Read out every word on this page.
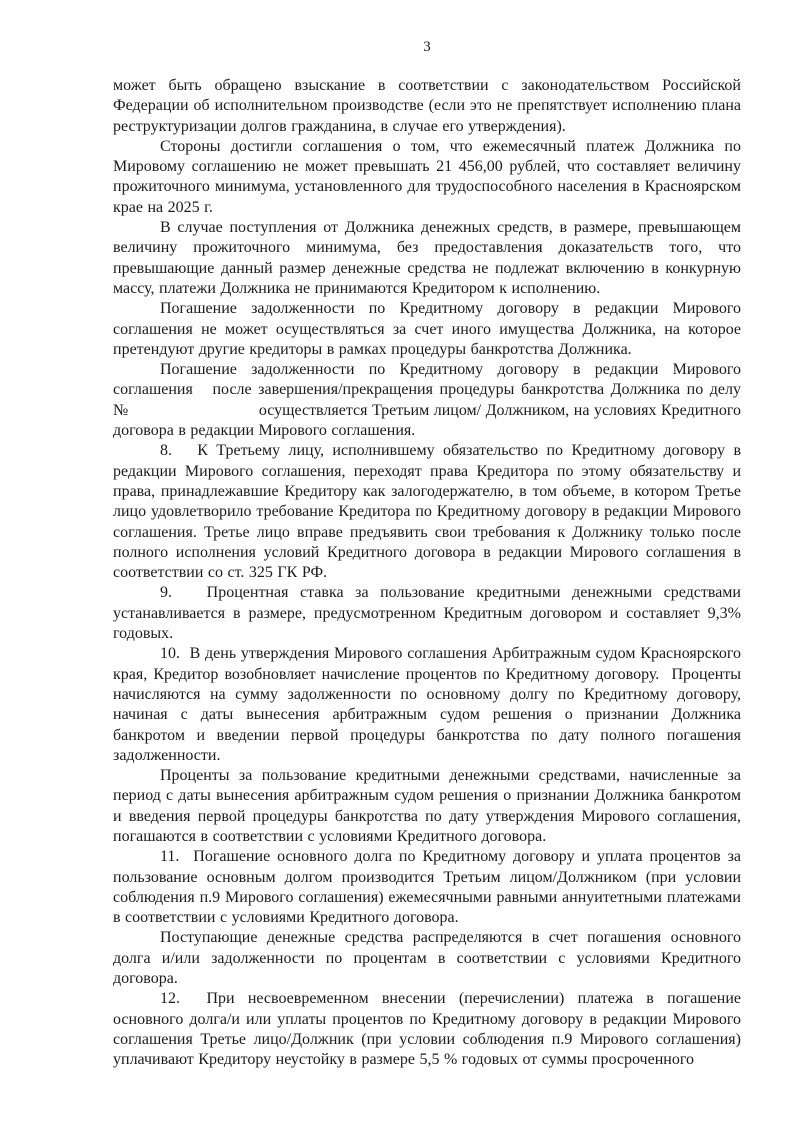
3

может быть обращено взыскание в соответствии с законодательством Российской Федерации об исполнительном производстве (если это не препятствует исполнению плана реструктуризации долгов гражданина, в случае его утверждения).

Стороны достигли соглашения о том, что ежемесячный платеж Должника по Мировому соглашению не может превышать 21 456,00 рублей, что составляет величину прожиточного минимума, установленного для трудоспособного населения в Красноярском крае на 2025 г.

В случае поступления от Должника денежных средств, в размере, превышающем величину прожиточного минимума, без предоставления доказательств того, что превышающие данный размер денежные средства не подлежат включению в конкурную массу, платежи Должника не принимаются Кредитором к исполнению.

Погашение задолженности по Кредитному договору в редакции Мирового соглашения не может осуществляться за счет иного имущества Должника, на которое претендуют другие кредиторы в рамках процедуры банкротства Должника.

Погашение задолженности по Кредитному договору в редакции Мирового соглашения   после завершения/прекращения процедуры банкротства Должника по делу №                             осуществляется Третьим лицом/ Должником, на условиях Кредитного договора в редакции Мирового соглашения.

8.   К Третьему лицу, исполнившему обязательство по Кредитному договору в редакции Мирового соглашения, переходят права Кредитора по этому обязательству и права, принадлежавшие Кредитору как залогодержателю, в том объеме, в котором Третье лицо удовлетворило требование Кредитора по Кредитному договору в редакции Мирового соглашения. Третье лицо вправе предъявить свои требования к Должнику только после полного исполнения условий Кредитного договора в редакции Мирового соглашения в соответствии со ст. 325 ГК РФ.

9.   Процентная ставка за пользование кредитными денежными средствами устанавливается в размере, предусмотренном Кредитным договором и составляет 9,3% годовых.

10.  В день утверждения Мирового соглашения Арбитражным судом Красноярского края, Кредитор возобновляет начисление процентов по Кредитному договору.  Проценты начисляются на сумму задолженности по основному долгу по Кредитному договору, начиная с даты вынесения арбитражным судом решения о признании Должника банкротом и введении первой процедуры банкротства по дату полного погашения задолженности.

Проценты за пользование кредитными денежными средствами, начисленные за период с даты вынесения арбитражным судом решения о признании Должника банкротом и введения первой процедуры банкротства по дату утверждения Мирового соглашения, погашаются в соответствии с условиями Кредитного договора.

11.  Погашение основного долга по Кредитному договору и уплата процентов за пользование основным долгом производится Третьим лицом/Должником (при условии соблюдения п.9 Мирового соглашения) ежемесячными равными аннуитетными платежами в соответствии с условиями Кредитного договора.

Поступающие денежные средства распределяются в счет погашения основного долга и/или задолженности по процентам в соответствии с условиями Кредитного договора.

12.  При несвоевременном внесении (перечислении) платежа в погашение основного долга/и или уплаты процентов по Кредитному договору в редакции Мирового соглашения Третье лицо/Должник (при условии соблюдения п.9 Мирового соглашения) уплачивают Кредитору неустойку в размере 5,5 % годовых от суммы просроченного
